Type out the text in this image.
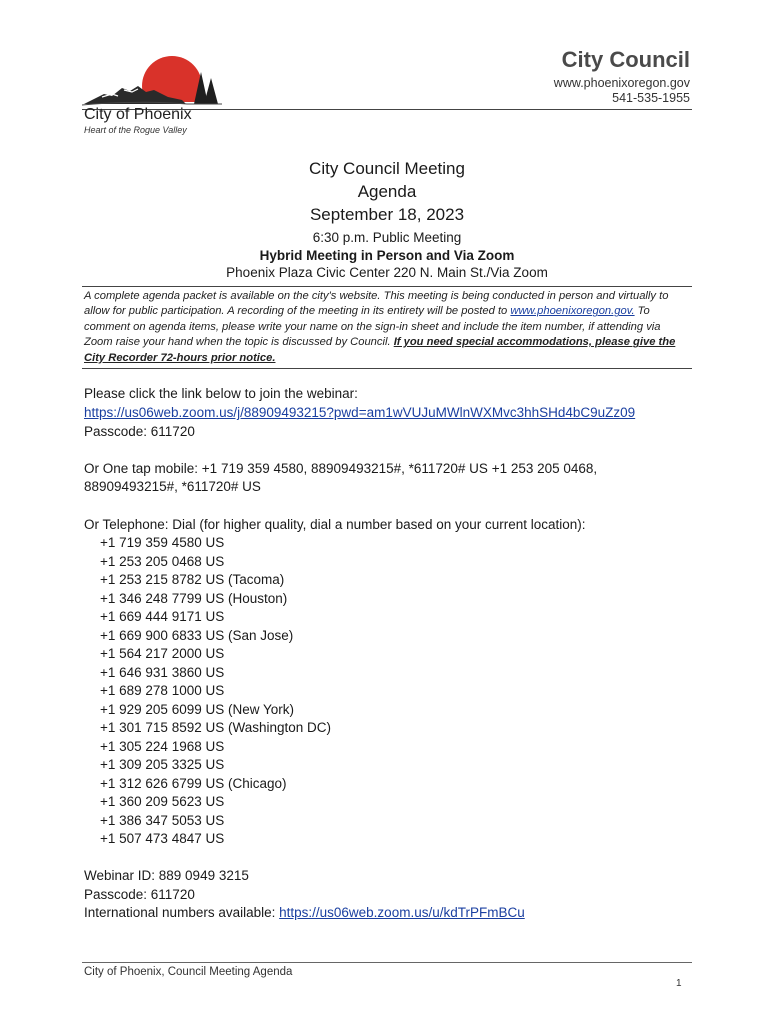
City of Phoenix
Heart of the Rogue Valley
City Council
www.phoenixoregon.gov
541-535-1955
City Council Meeting
Agenda
September 18, 2023
6:30 p.m. Public Meeting
Hybrid Meeting in Person and Via Zoom
Phoenix Plaza Civic Center 220 N. Main St./Via Zoom
A complete agenda packet is available on the city's website. This meeting is being conducted in person and virtually to allow for public participation. A recording of the meeting in its entirety will be posted to www.phoenixoregon.gov. To comment on agenda items, please write your name on the sign-in sheet and include the item number, if attending via Zoom raise your hand when the topic is discussed by Council. If you need special accommodations, please give the City Recorder 72-hours prior notice.
Please click the link below to join the webinar:
https://us06web.zoom.us/j/88909493215?pwd=am1wVUJuMWlnWXMvc3hhSHd4bC9uZz09
Passcode: 611720
Or One tap mobile: +1 719 359 4580, 88909493215#, *611720# US +1 253 205 0468, 88909493215#, *611720# US
Or Telephone: Dial (for higher quality, dial a number based on your current location):
+1 719 359 4580 US
+1 253 205 0468 US
+1 253 215 8782 US (Tacoma)
+1 346 248 7799 US (Houston)
+1 669 444 9171 US
+1 669 900 6833 US (San Jose)
+1 564 217 2000 US
+1 646 931 3860 US
+1 689 278 1000 US
+1 929 205 6099 US (New York)
+1 301 715 8592 US (Washington DC)
+1 305 224 1968 US
+1 309 205 3325 US
+1 312 626 6799 US (Chicago)
+1 360 209 5623 US
+1 386 347 5053 US
+1 507 473 4847 US
Webinar ID: 889 0949 3215
Passcode: 611720
International numbers available: https://us06web.zoom.us/u/kdTrPFmBCu
City of Phoenix, Council Meeting Agenda
1
